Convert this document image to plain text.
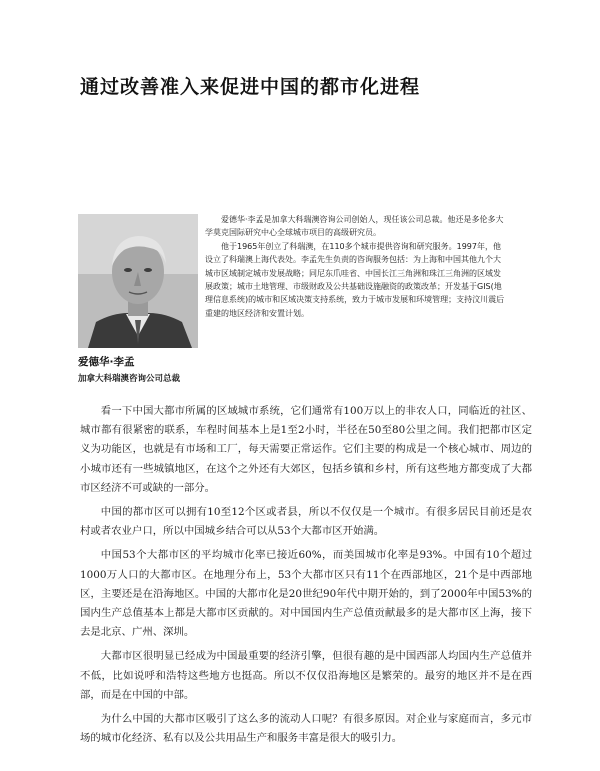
通过改善准入来促进中国的都市化进程
爱德华·李孟
加拿大科瑞澳咨询公司总裁

爱德华·李孟是加拿大科瑞澳咨询公司创始人，现任该公司总裁。他还是多伦多大学莫克国际研究中心全球城市项目的高级研究员。

他于1965年创立了科瑞澳，在110多个城市提供咨询和研究服务。1997年，他设立了科瑞澳上海代表处。李孟先生负责的咨询服务包括：为上海和中国其他九个大城市区域制定城市发展战略；同尼东爪哇省、中国长江三角洲和珠江三角洲的区域发展政策；城市土地管理、市级财政及公共基础设施融资的政策改革；开发基于GIS(地理信息系统)的城市和区域决策支持系统，致力于城市发展和环境管理；支持汶川震后重建的地区经济和安置计划。

看一下中国大都市所属的区域城市系统，它们通常有100万以上的非农人口，同临近的社区、城市都有很紧密的联系，车程时间基本上是1至2小时，半径在50至80公里之间。我们把都市区定义为功能区，也就是有市场和工厂，每天需要正常运作。它们主要的构成是一个核心城市、周边的小城市还有一些城镇地区，在这个之外还有大郊区，包括乡镇和乡村，所有这些地方都变成了大都市区经济不可或缺的一部分。

中国的都市区可以拥有10至12个区或者县，所以不仅仅是一个城市。有很多居民目前还是农村或者农业户口，所以中国城乡结合可以从53个大都市区开始满。

中国53个大都市区的平均城市化率已接近60%，而美国城市化率是93%。中国有10个超过1000万人口的大都市区。在地理分布上，53个大都市区只有11个在西部地区，21个是中西部地区，主要还是在沿海地区。中国的大都市化是20世纪90年代中期开始的，到了2000年中国53%的国内生产总值基本上都是大都市区贡献的。对中国国内生产总值贡献最多的是大都市区上海，接下去是北京、广州、深圳。

大都市区很明显已经成为中国最重要的经济引擎，但很有趣的是中国西部人均国内生产总值并不低，比如说呼和浩特这些地方也挺高。所以不仅仅沿海地区是繁荣的。最穷的地区并不是在西部，而是在中国的中部。

为什么中国的大都市区吸引了这么多的流动人口呢？有很多原因。对企业与家庭而言，多元市场的城市化经济、私有以及公共用品生产和服务丰富是很大的吸引力。
